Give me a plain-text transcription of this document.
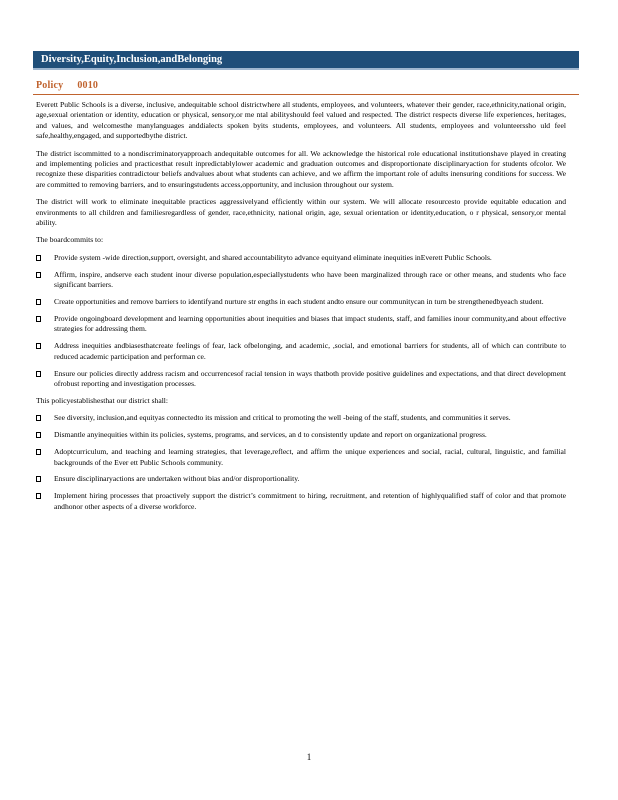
Diversity,Equity,Inclusion,andBelonging
Policy 0010

Everett Public Schools is a diverse, inclusive, andequitable school districtwhere all students, employees, and volunteers, whatever their gender, race,ethnicity,national origin, age,sexual orientation or identity, education or physical, sensory,or me ntal abilityshould feel valued and respected. The district respects diverse life experiences, heritages, and values, and welcomesthe manylanguages anddialects spoken byits students, employees, and volunteers. All students, employees and volunteerssho uld feel safe,healthy,engaged, and supportedbythe district.

The district iscommitted to a nondiscriminatoryapproach andequitable outcomes for all. We acknowledge the historical role educational institutionshave played in creating and implementing policies and practicesthat result inpredictablylower academic and graduation outcomes and disproportionate disciplinaryaction for students ofcolor. We recognize these disparities contradictour beliefs andvalues about what students can achieve, and we affirm the important role of adults inensuring conditions for success. We are committed to removing barriers, and to ensuringstudents access,opportunity, and inclusion throughout our system.

The district will work to eliminate inequitable practices aggressivelyand efficiently within our system. We will allocate resourcesto provide equitable education and environments to all children and familiesregardless of gender, race,ethnicity, national origin, age, sexual orientation or identity,education, o r physical, sensory,or mental ability.

The boardcommits to:

Provide system -wide direction,support, oversight, and shared accountabilityto advance equityand eliminate inequities inEverett Public Schools.
Affirm, inspire, andserve each student inour diverse population,especiallystudents who have been marginalized through race or other means, and students who face significant barriers.
Create opportunities and remove barriers to identifyand nurture str engths in each student andto ensure our communitycan in turn be strengthenedbyeach student.
Provide ongoingboard development and learning opportunities about inequities and biases that impact students, staff, and families inour community,and about effective strategies for addressing them.
Address inequities andbiasesthatcreate feelings of fear, lack ofbelonging, and academic, ,social, and emotional barriers for students, all of which can contribute to reduced academic participation and performan ce.
Ensure our policies directly address racism and occurrencesof racial tension in ways thatboth provide positive guidelines and expectations, and that direct development ofrobust reporting and investigation processes.

This policyestablishesthat our district shall:

See diversity, inclusion,and equityas connectedto its mission and critical to promoting the well -being of the staff, students, and communities it serves.
Dismantle anyinequities within its policies, systems, programs, and services, an d to consistently update and report on organizational progress.
Adoptcurriculum, and teaching and learning strategies, that leverage,reflect, and affirm the unique experiences and social, racial, cultural, linguistic, and familial backgrounds of the Ever ett Public Schools community.
Ensure disciplinaryactions are undertaken without bias and/or disproportionality.
Implement hiring processes that proactively support the district’s commitment to hiring, recruitment, and retention of highlyqualified staff of color and that promote andhonor other aspects of a diverse workforce.
1
